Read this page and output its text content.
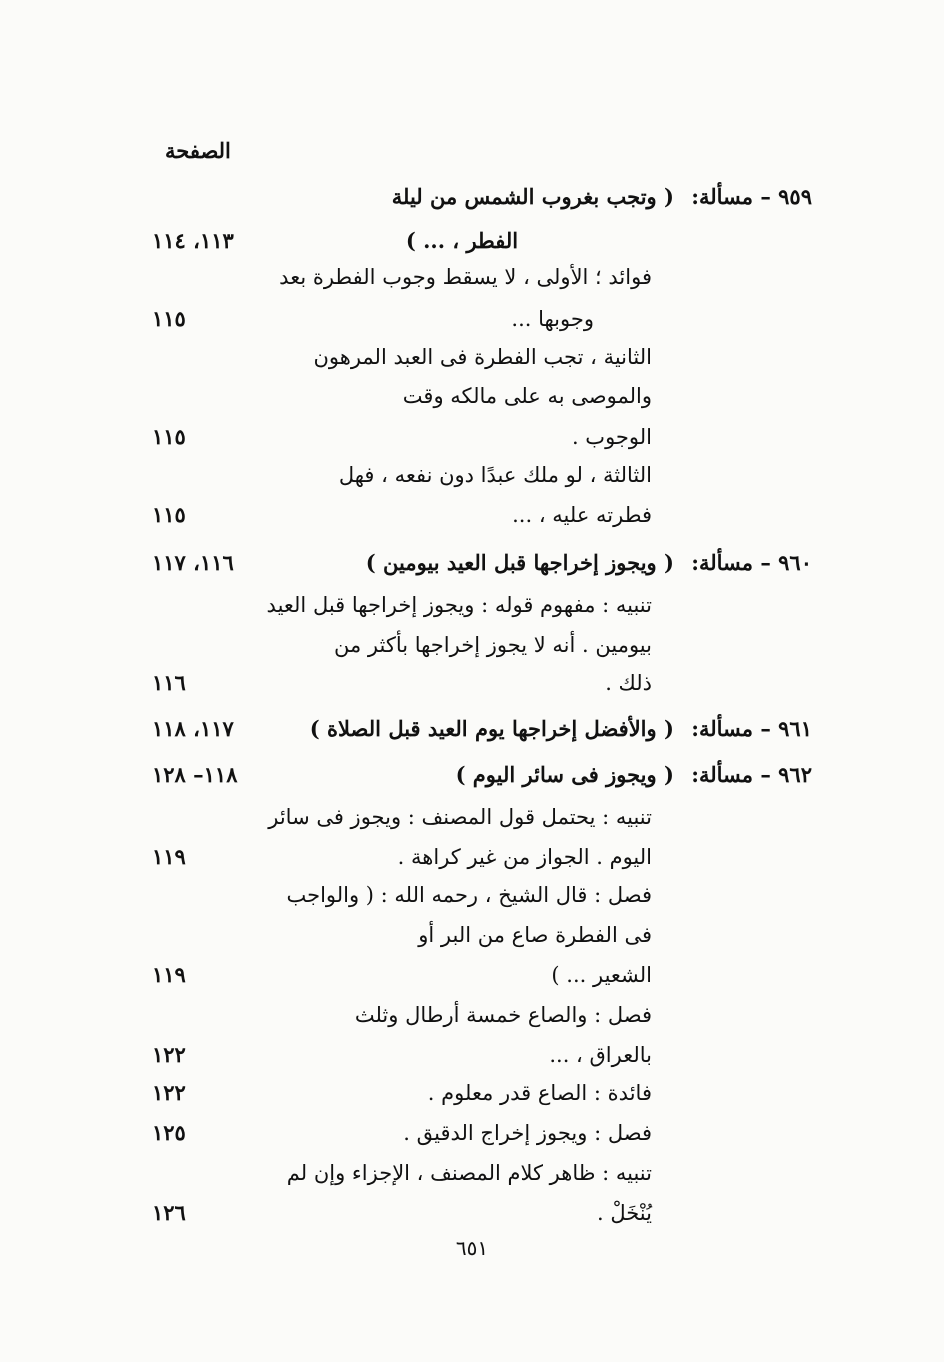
الصفحة
٩٥٩ – مسألة: ( وتجب بغروب الشمس من ليلة
١١٣، ١١٤	الفطر ، ... )
فوائد ؛ الأولى ، لا يسقط وجوب الفطرة بعد
١١٥	وجوبها ...
الثانية ، تجب الفطرة فى العبد المرهون
والموصى به على مالكه وقت
١١٥	الوجوب .
الثالثة ، لو ملك عبدًا دون نفعه ، فهل
١١٥	فطرته عليه ، ...
١١٦، ١١٧	٩٦٠ – مسألة: ( ويجوز إخراجها قبل العيد بيومين )
تنبيه : مفهوم قوله : ويجوز إخراجها قبل العيد
بيومين . أنه لا يجوز إخراجها بأكثر من
١١٦	ذلك .
١١٧، ١١٨	٩٦١ – مسألة: ( والأفضل إخراجها يوم العيد قبل الصلاة )
١١٨– ١٢٨	٩٦٢ – مسألة: ( ويجوز فى سائر اليوم )
تنبيه : يحتمل قول المصنف : ويجوز فى سائر
١١٩	اليوم . الجواز من غير كراهة .
فصل : قال الشيخ ، رحمه الله : ( والواجب
فى الفطرة صاع من البر أو
١١٩	الشعير ... )
فصل : والصاع خمسة أرطال وثلث
١٢٢	بالعراق ، ...
١٢٢	فائدة : الصاع قدر معلوم .
١٢٥	فصل : ويجوز إخراج الدقيق .
تنبيه : ظاهر كلام المصنف ، الإجزاء وإن لم
١٢٦	يُنْخَلْ .
٦٥١
